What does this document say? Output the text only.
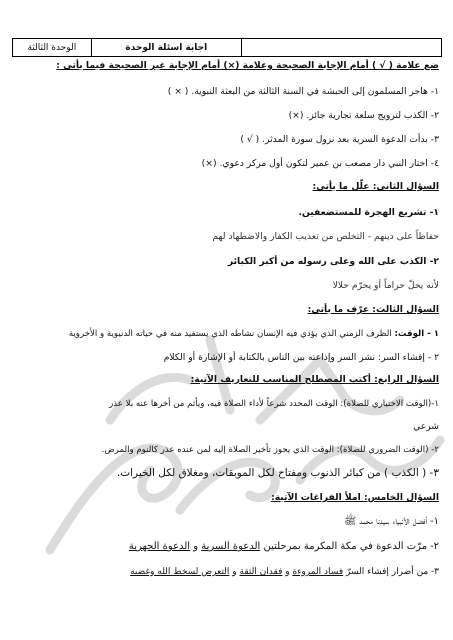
اجابة اسئلة الوحدة
الوحدة الثالثة
ضع علامة ( √ ) أمام الإجابة الصحيحة وعلامة (×) أمام الإجابة غير الصحيحة فيما يأتي :
١- هاجر المسلمون إلى الحبشة في السنة الثالثة من البعثة النبوية. ( × )
٢- الكذب لترويج سلعة تجارية جائز. (×)
٣- بدأت الدعوة السرية بعد نزول سورة المدثر. ( √ )
٤- اختار النبي دار مصعب بن عمير لتكون أول مركز دعوي. (×)
السؤال الثاني: علّل ما يأتي:
١- تشريع الهجرة للمستضعفين.
حفاظاً على دينهم - التخلص من تعذيب الكفار والاضطهاد لهم
٢- الكذب على الله وعلى رسوله من أكبر الكبائر
لأنه يحلّ حراماً أو يحرّم حلالا
السؤال الثالث: عرّف ما يأتي:
١ - الوقت: الظرف الزمني الذي يؤدي فيه الإنسان نشاطه الذي يستفيد منه في حياته الدنيوية و الأخروية
٢ - إفشاء السر: نشر السر وإذاعته بين الناس بالكتابة أو الإشارة أو الكلام
السؤال الرابع: أكتب المصطلح المناسب للتعاريف الآتية:
١-(الوقت الاختياري للصلاة): الوقت المحدد شرعاً لأداء الصلاة فيه، ويأثم من أخرها عنه بلا عذر
شرعي
٢- (الوقت الضروري للصلاة): الوقت الذي يجوز تأخير الصلاة إليه لمن عنده عذر كالنوم والمرض.
٣- ( الكذب ) من كبائر الذنوب ومفتاح لكل الموبقات، ومغلاق لكل الخيرات.
السؤال الخامس: املأ الفراغات الآتية:
١- أفضل الأنبياء سيدنا محمد ﷺ
٢- مرّت الدعوة في مكة المكرمة بمرحلتين الدعوة السرية و الدعوة الجهرية
٣- من أضرار إفشاء السرّ فساد المروءة و فقدان الثقة و التعرض لسخط الله وغضبه
